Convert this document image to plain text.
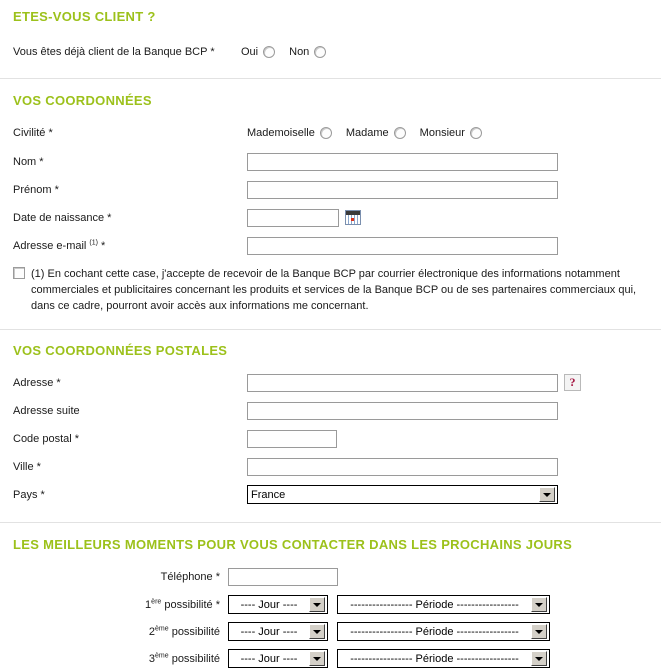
ETES-VOUS CLIENT ?
Vous êtes déjà client de la Banque BCP *	Oui	Non
VOS COORDONNÉES
Civilité *	Mademoiselle	Madame	Monsieur
Nom *
Prénom *
Date de naissance *
Adresse e-mail $^{(1)}$ *

(1) En cochant cette case, j'accepte de recevoir de la Banque BCP par courrier électronique des informations notamment commerciales et publicitaires concernant les produits et services de la Banque BCP ou de ses partenaires commerciaux qui, dans ce cadre, pourront avoir accès aux informations me concernant.

VOS COORDONNÉES POSTALES
Adresse *	?
Adresse suite
Code postal *
Ville *
Pays *	France
LES MEILLEURS MOMENTS POUR VOUS CONTACTER DANS LES PROCHAINS JOURS
Téléphone *
1ère possibilité *	---- Jour ----	----------------- Période -----------------
2ème possibilité	---- Jour ----	----------------- Période -----------------
3ème possibilité	---- Jour ----	----------------- Période -----------------
